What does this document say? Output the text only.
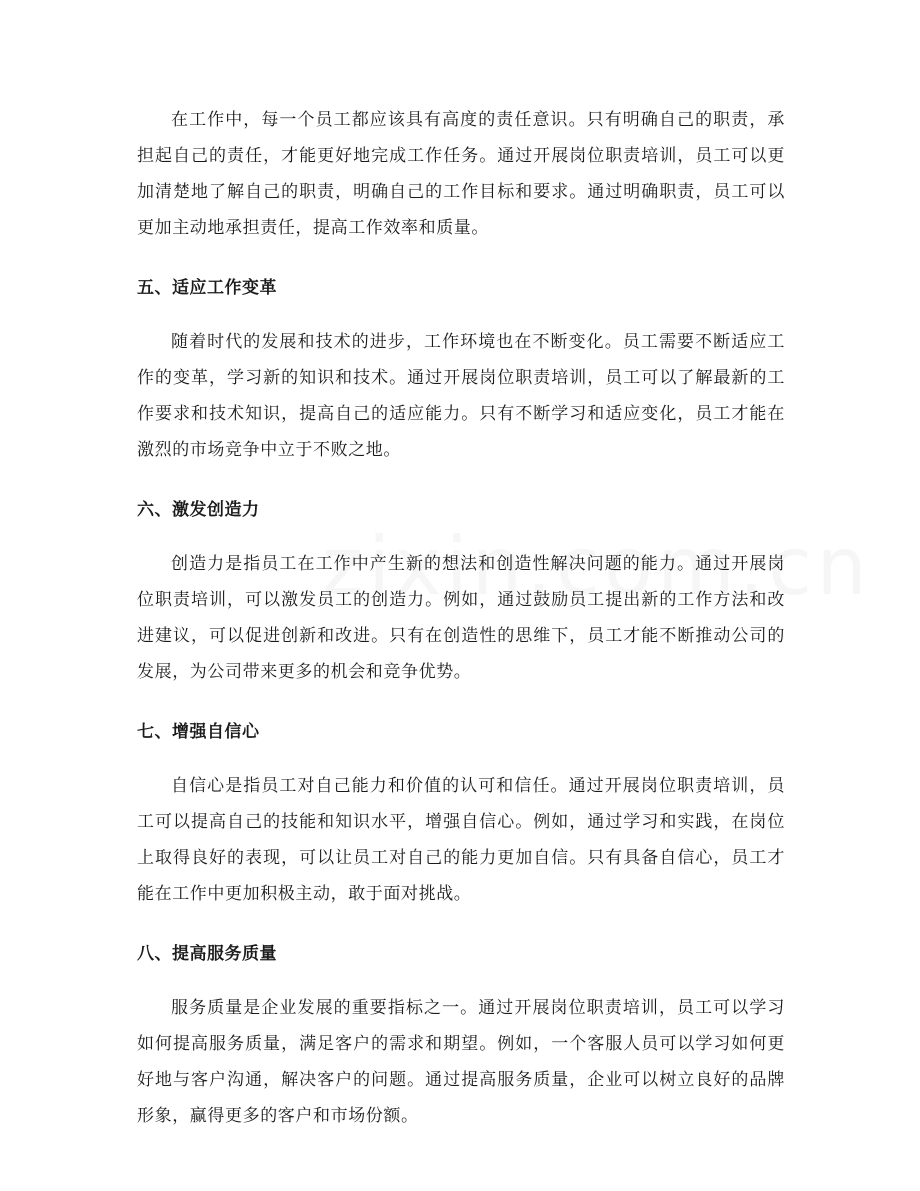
在工作中，每一个员工都应该具有高度的责任意识。只有明确自己的职责，承担起自己的责任，才能更好地完成工作任务。通过开展岗位职责培训，员工可以更加清楚地了解自己的职责，明确自己的工作目标和要求。通过明确职责，员工可以更加主动地承担责任，提高工作效率和质量。

五、适应工作变革

随着时代的发展和技术的进步，工作环境也在不断变化。员工需要不断适应工作的变革，学习新的知识和技术。通过开展岗位职责培训，员工可以了解最新的工作要求和技术知识，提高自己的适应能力。只有不断学习和适应变化，员工才能在激烈的市场竞争中立于不败之地。

六、激发创造力

创造力是指员工在工作中产生新的想法和创造性解决问题的能力。通过开展岗位职责培训，可以激发员工的创造力。例如，通过鼓励员工提出新的工作方法和改进建议，可以促进创新和改进。只有在创造性的思维下，员工才能不断推动公司的发展，为公司带来更多的机会和竞争优势。

七、增强自信心

自信心是指员工对自己能力和价值的认可和信任。通过开展岗位职责培训，员工可以提高自己的技能和知识水平，增强自信心。例如，通过学习和实践，在岗位上取得良好的表现，可以让员工对自己的能力更加自信。只有具备自信心，员工才能在工作中更加积极主动，敢于面对挑战。

八、提高服务质量

服务质量是企业发展的重要指标之一。通过开展岗位职责培训，员工可以学习如何提高服务质量，满足客户的需求和期望。例如，一个客服人员可以学习如何更好地与客户沟通，解决客户的问题。通过提高服务质量，企业可以树立良好的品牌形象，赢得更多的客户和市场份额。
